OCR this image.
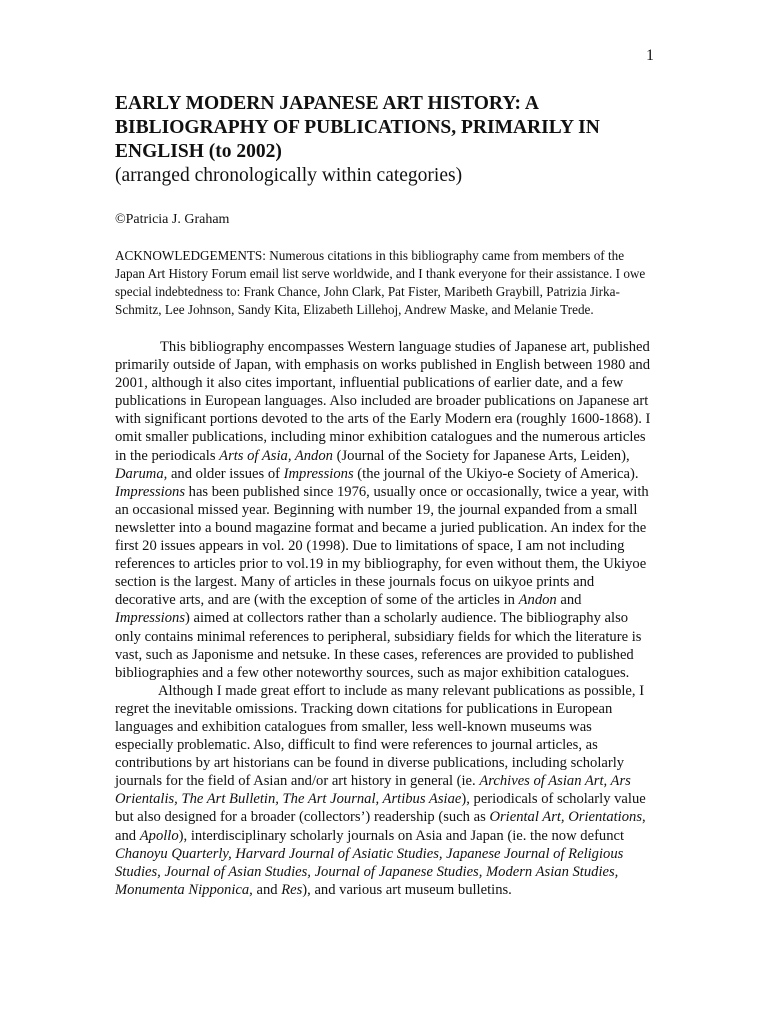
1
EARLY MODERN JAPANESE ART HISTORY: A BIBLIOGRAPHY OF PUBLICATIONS, PRIMARILY IN ENGLISH (to 2002)
(arranged chronologically within categories)

©Patricia J. Graham

ACKNOWLEDGEMENTS: Numerous citations in this bibliography came from members of the Japan Art History Forum email list serve worldwide, and I thank everyone for their assistance. I owe special indebtedness to: Frank Chance, John Clark, Pat Fister, Maribeth Graybill, Patrizia Jirka-Schmitz, Lee Johnson, Sandy Kita, Elizabeth Lillehoj, Andrew Maske, and Melanie Trede.

This bibliography encompasses Western language studies of Japanese art, published primarily outside of Japan, with emphasis on works published in English between 1980 and 2001, although it also cites important, influential publications of earlier date, and a few publications in European languages. Also included are broader publications on Japanese art with significant portions devoted to the arts of the Early Modern era (roughly 1600-1868). I omit smaller publications, including minor exhibition catalogues and the numerous articles in the periodicals Arts of Asia, Andon (Journal of the Society for Japanese Arts, Leiden), Daruma, and older issues of Impressions (the journal of the Ukiyo-e Society of America). Impressions has been published since 1976, usually once or occasionally, twice a year, with an occasional missed year. Beginning with number 19, the journal expanded from a small newsletter into a bound magazine format and became a juried publication. An index for the first 20 issues appears in vol. 20 (1998). Due to limitations of space, I am not including references to articles prior to vol.19 in my bibliography, for even without them, the Ukiyoe section is the largest. Many of articles in these journals focus on uikyoe prints and decorative arts, and are (with the exception of some of the articles in Andon and Impressions) aimed at collectors rather than a scholarly audience. The bibliography also only contains minimal references to peripheral, subsidiary fields for which the literature is vast, such as Japonisme and netsuke. In these cases, references are provided to published bibliographies and a few other noteworthy sources, such as major exhibition catalogues.

Although I made great effort to include as many relevant publications as possible, I regret the inevitable omissions. Tracking down citations for publications in European languages and exhibition catalogues from smaller, less well-known museums was especially problematic. Also, difficult to find were references to journal articles, as contributions by art historians can be found in diverse publications, including scholarly journals for the field of Asian and/or art history in general (ie. Archives of Asian Art, Ars Orientalis, The Art Bulletin, The Art Journal, Artibus Asiae), periodicals of scholarly value but also designed for a broader (collectors’) readership (such as Oriental Art, Orientations, and Apollo), interdisciplinary scholarly journals on Asia and Japan (ie. the now defunct Chanoyu Quarterly, Harvard Journal of Asiatic Studies, Japanese Journal of Religious Studies, Journal of Asian Studies, Journal of Japanese Studies, Modern Asian Studies, Monumenta Nipponica, and Res), and various art museum bulletins.
